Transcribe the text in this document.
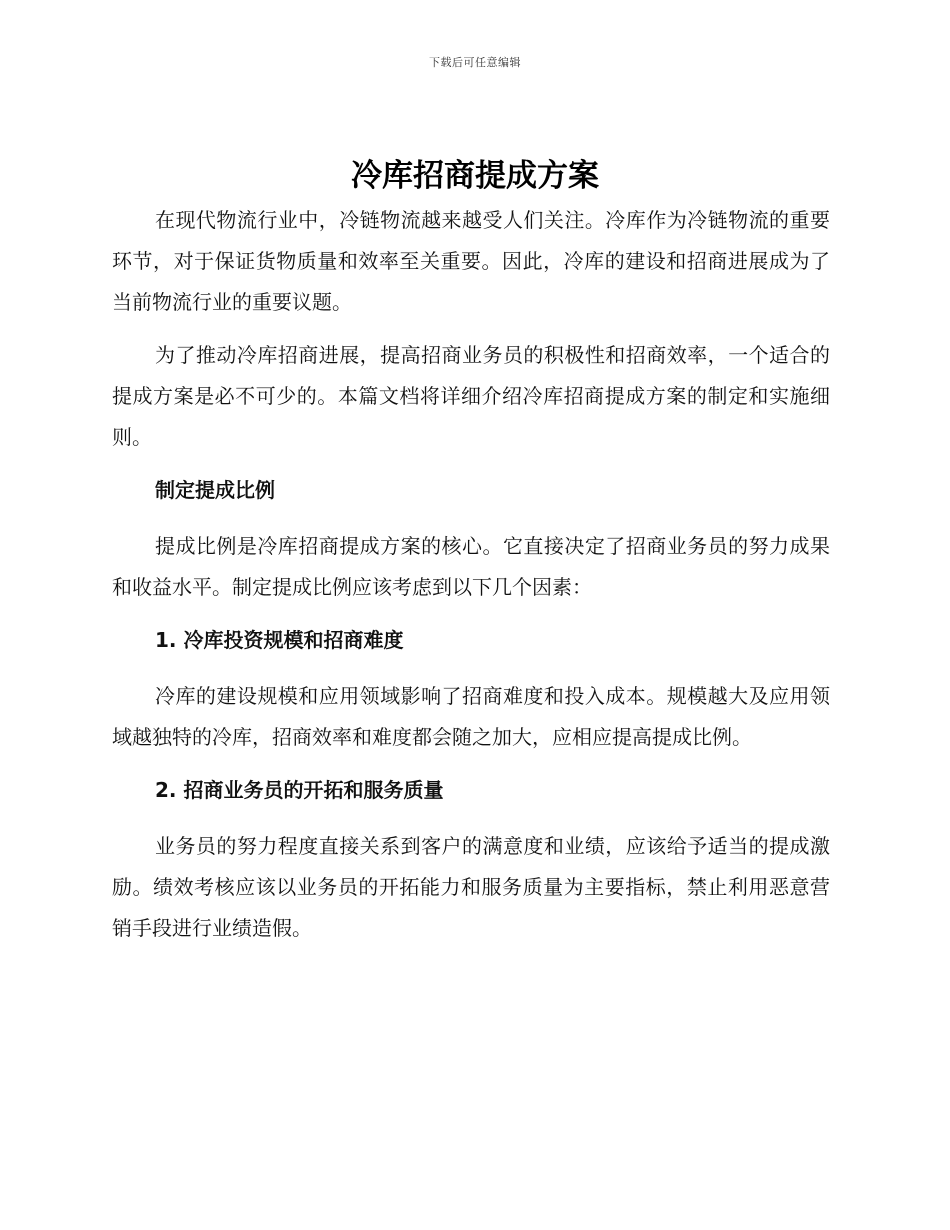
下载后可任意编辑
冷库招商提成方案

在现代物流行业中，冷链物流越来越受人们关注。冷库作为冷链物流的重要环节，对于保证货物质量和效率至关重要。因此，冷库的建设和招商进展成为了当前物流行业的重要议题。

为了推动冷库招商进展，提高招商业务员的积极性和招商效率，一个适合的提成方案是必不可少的。本篇文档将详细介绍冷库招商提成方案的制定和实施细则。

制定提成比例

提成比例是冷库招商提成方案的核心。它直接决定了招商业务员的努力成果和收益水平。制定提成比例应该考虑到以下几个因素：

1. 冷库投资规模和招商难度

冷库的建设规模和应用领域影响了招商难度和投入成本。规模越大及应用领域越独特的冷库，招商效率和难度都会随之加大，应相应提高提成比例。

2. 招商业务员的开拓和服务质量

业务员的努力程度直接关系到客户的满意度和业绩，应该给予适当的提成激励。绩效考核应该以业务员的开拓能力和服务质量为主要指标，禁止利用恶意营销手段进行业绩造假。
